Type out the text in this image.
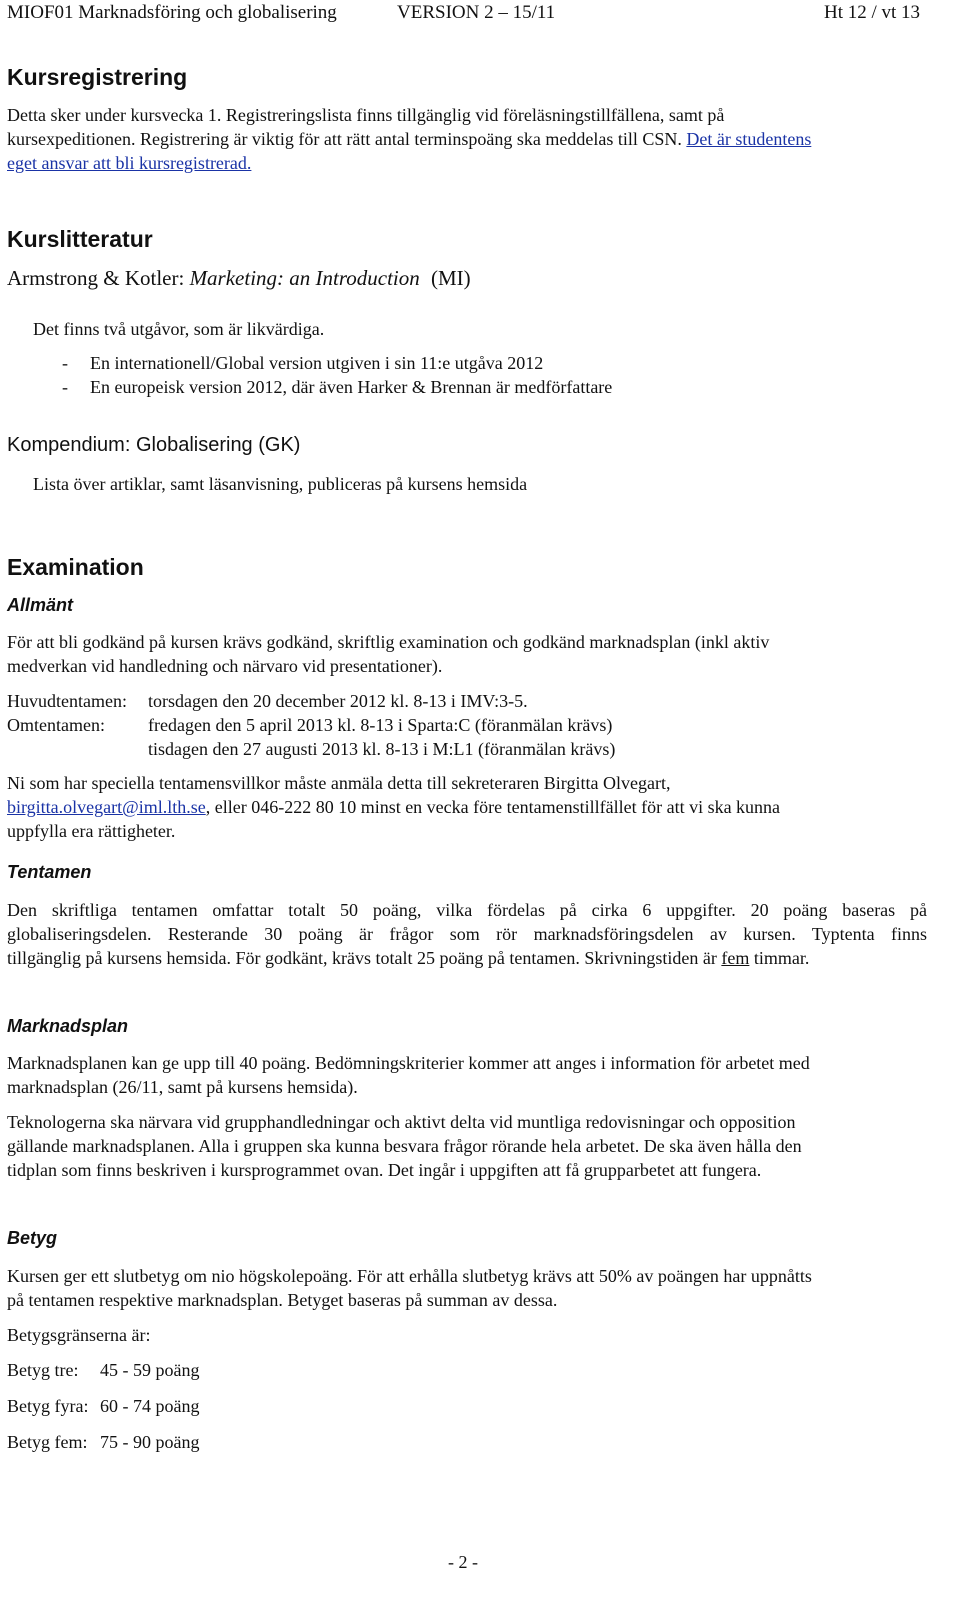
MIOF01 Marknadsföring och globalisering	VERSION 2 – 15/11	Ht 12 / vt 13
Kursregistrering
Detta sker under kursvecka 1. Registreringslista finns tillgänglig vid föreläsningstillfällena, samt på
kursexpeditionen. Registrering är viktig för att rätt antal terminspoäng ska meddelas till CSN. Det är studentens
eget ansvar att bli kursregistrerad.
Kurslitteratur
Armstrong & Kotler: Marketing: an Introduction (MI)
Det finns två utgåvor, som är likvärdiga.
- En internationell/Global version utgiven i sin 11:e utgåva 2012
- En europeisk version 2012, där även Harker & Brennan är medförfattare
Kompendium: Globalisering (GK)
Lista över artiklar, samt läsanvisning, publiceras på kursens hemsida
Examination
Allmänt
För att bli godkänd på kursen krävs godkänd, skriftlig examination och godkänd marknadsplan (inkl aktiv
medverkan vid handledning och närvaro vid presentationer).
Huvudtentamen: torsdagen den 20 december 2012 kl. 8-13 i IMV:3-5.
Omtentamen: fredagen den 5 april 2013 kl. 8-13 i Sparta:C (föranmälan krävs)
tisdagen den 27 augusti 2013 kl. 8-13 i M:L1 (föranmälan krävs)
Ni som har speciella tentamensvillkor måste anmäla detta till sekreteraren Birgitta Olvegart,
birgitta.olvegart@iml.lth.se, eller 046-222 80 10 minst en vecka före tentamenstillfället för att vi ska kunna
uppfylla era rättigheter.
Tentamen
Den skriftliga tentamen omfattar totalt 50 poäng, vilka fördelas på cirka 6 uppgifter. 20 poäng baseras på
globaliseringsdelen. Resterande 30 poäng är frågor som rör marknadsföringsdelen av kursen. Typtenta finns
tillgänglig på kursens hemsida. För godkänt, krävs totalt 25 poäng på tentamen. Skrivningstiden är fem timmar.
Marknadsplan
Marknadsplanen kan ge upp till 40 poäng. Bedömningskriterier kommer att anges i information för arbetet med
marknadsplan (26/11, samt på kursens hemsida).
Teknologerna ska närvara vid grupphandledningar och aktivt delta vid muntliga redovisningar och opposition
gällande marknadsplanen. Alla i gruppen ska kunna besvara frågor rörande hela arbetet. De ska även hålla den
tidplan som finns beskriven i kursprogrammet ovan. Det ingår i uppgiften att få grupparbetet att fungera.
Betyg
Kursen ger ett slutbetyg om nio högskolepoäng. För att erhålla slutbetyg krävs att 50% av poängen har uppnåtts
på tentamen respektive marknadsplan. Betyget baseras på summan av dessa.
Betygsgränserna är:
Betyg tre: 45 - 59 poäng
Betyg fyra: 60 - 74 poäng
Betyg fem: 75 - 90 poäng
- 2 -
